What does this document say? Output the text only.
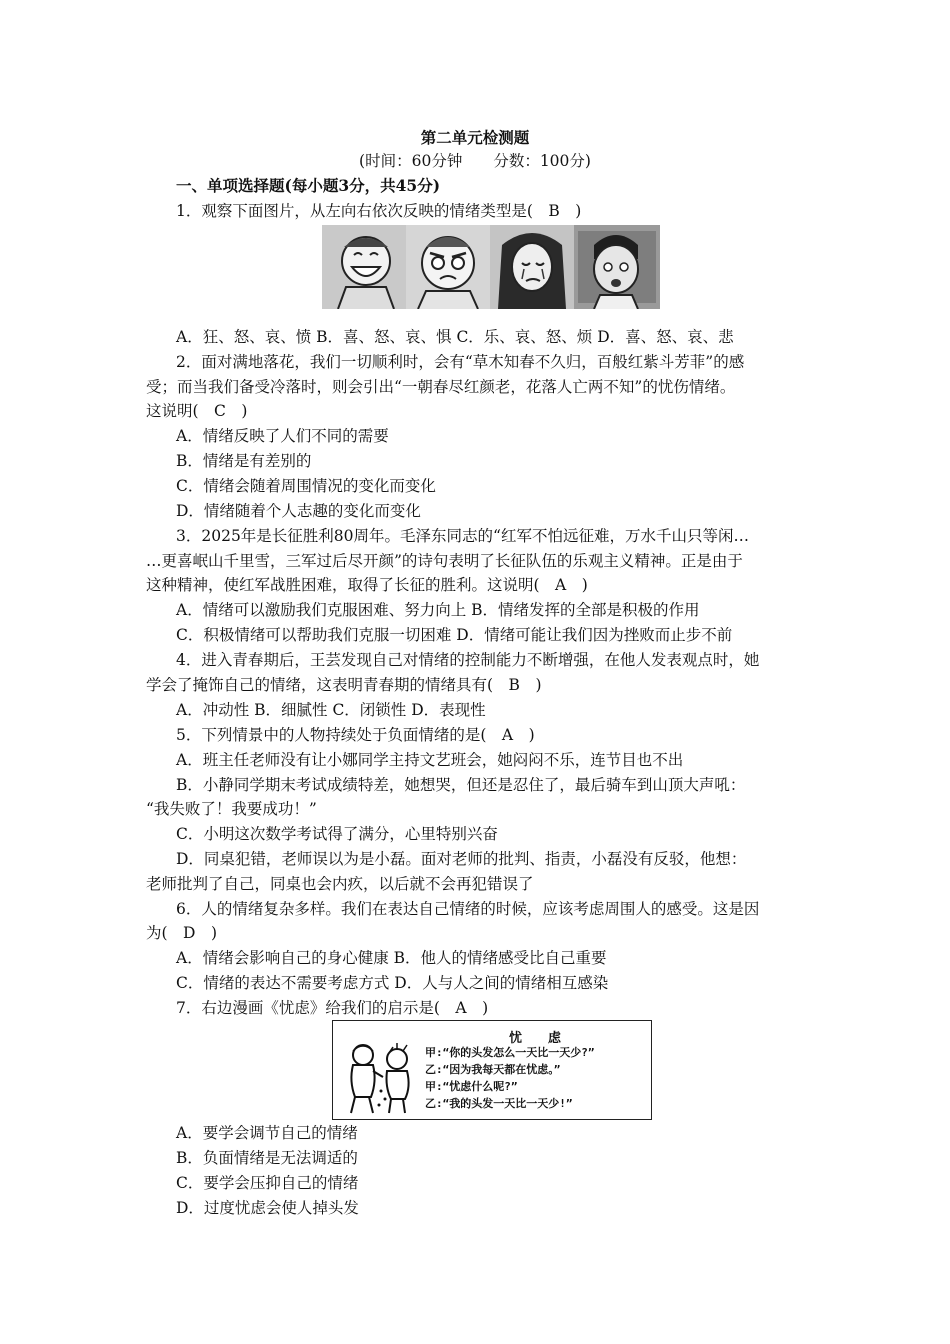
第二单元检测题
(时间：60分钟　　分数：100分)
一、单项选择题(每小题3分，共45分)
1．观察下面图片，从左向右依次反映的情绪类型是(　B　)
A．狂、怒、哀、愤 B．喜、怒、哀、惧 C．乐、哀、怒、烦 D．喜、怒、哀、悲
2．面对满地落花，我们一切顺利时，会有“草木知春不久归，百般红紫斗芳菲”的感
受；而当我们备受冷落时，则会引出“一朝春尽红颜老，花落人亡两不知”的忧伤情绪。
这说明(　C　)
A．情绪反映了人们不同的需要
B．情绪是有差别的
C．情绪会随着周围情况的变化而变化
D．情绪随着个人志趣的变化而变化
3．2025年是长征胜利80周年。毛泽东同志的“红军不怕远征难，万水千山只等闲…
…更喜岷山千里雪，三军过后尽开颜”的诗句表明了长征队伍的乐观主义精神。正是由于
这种精神，使红军战胜困难，取得了长征的胜利。这说明(　A　)
A．情绪可以激励我们克服困难、努力向上 B．情绪发挥的全部是积极的作用
C．积极情绪可以帮助我们克服一切困难 D．情绪可能让我们因为挫败而止步不前
4．进入青春期后，王芸发现自己对情绪的控制能力不断增强，在他人发表观点时，她
学会了掩饰自己的情绪，这表明青春期的情绪具有(　B　)
A．冲动性 B．细腻性 C．闭锁性 D．表现性
5．下列情景中的人物持续处于负面情绪的是(　A　)
A．班主任老师没有让小娜同学主持文艺班会，她闷闷不乐，连节目也不出
B．小静同学期末考试成绩特差，她想哭，但还是忍住了，最后骑车到山顶大声吼：
“我失败了！我要成功！”
C．小明这次数学考试得了满分，心里特别兴奋
D．同桌犯错，老师误以为是小磊。面对老师的批判、指责，小磊没有反驳，他想：
老师批判了自己，同桌也会内疚，以后就不会再犯错误了
6．人的情绪复杂多样。我们在表达自己情绪的时候，应该考虑周围人的感受。这是因
为(　D　)
A．情绪会影响自己的身心健康 B．他人的情绪感受比自己重要
C．情绪的表达不需要考虑方式 D．人与人之间的情绪相互感染
7．右边漫画《忧虑》给我们的启示是(　A　)
忧　　虑
甲:“你的头发怎么一天比一天少?”
乙:“因为我每天都在忧虑。”
甲:“忧虑什么呢?”
乙:“我的头发一天比一天少!”
A．要学会调节自己的情绪
B．负面情绪是无法调适的
C．要学会压抑自己的情绪
D．过度忧虑会使人掉头发
